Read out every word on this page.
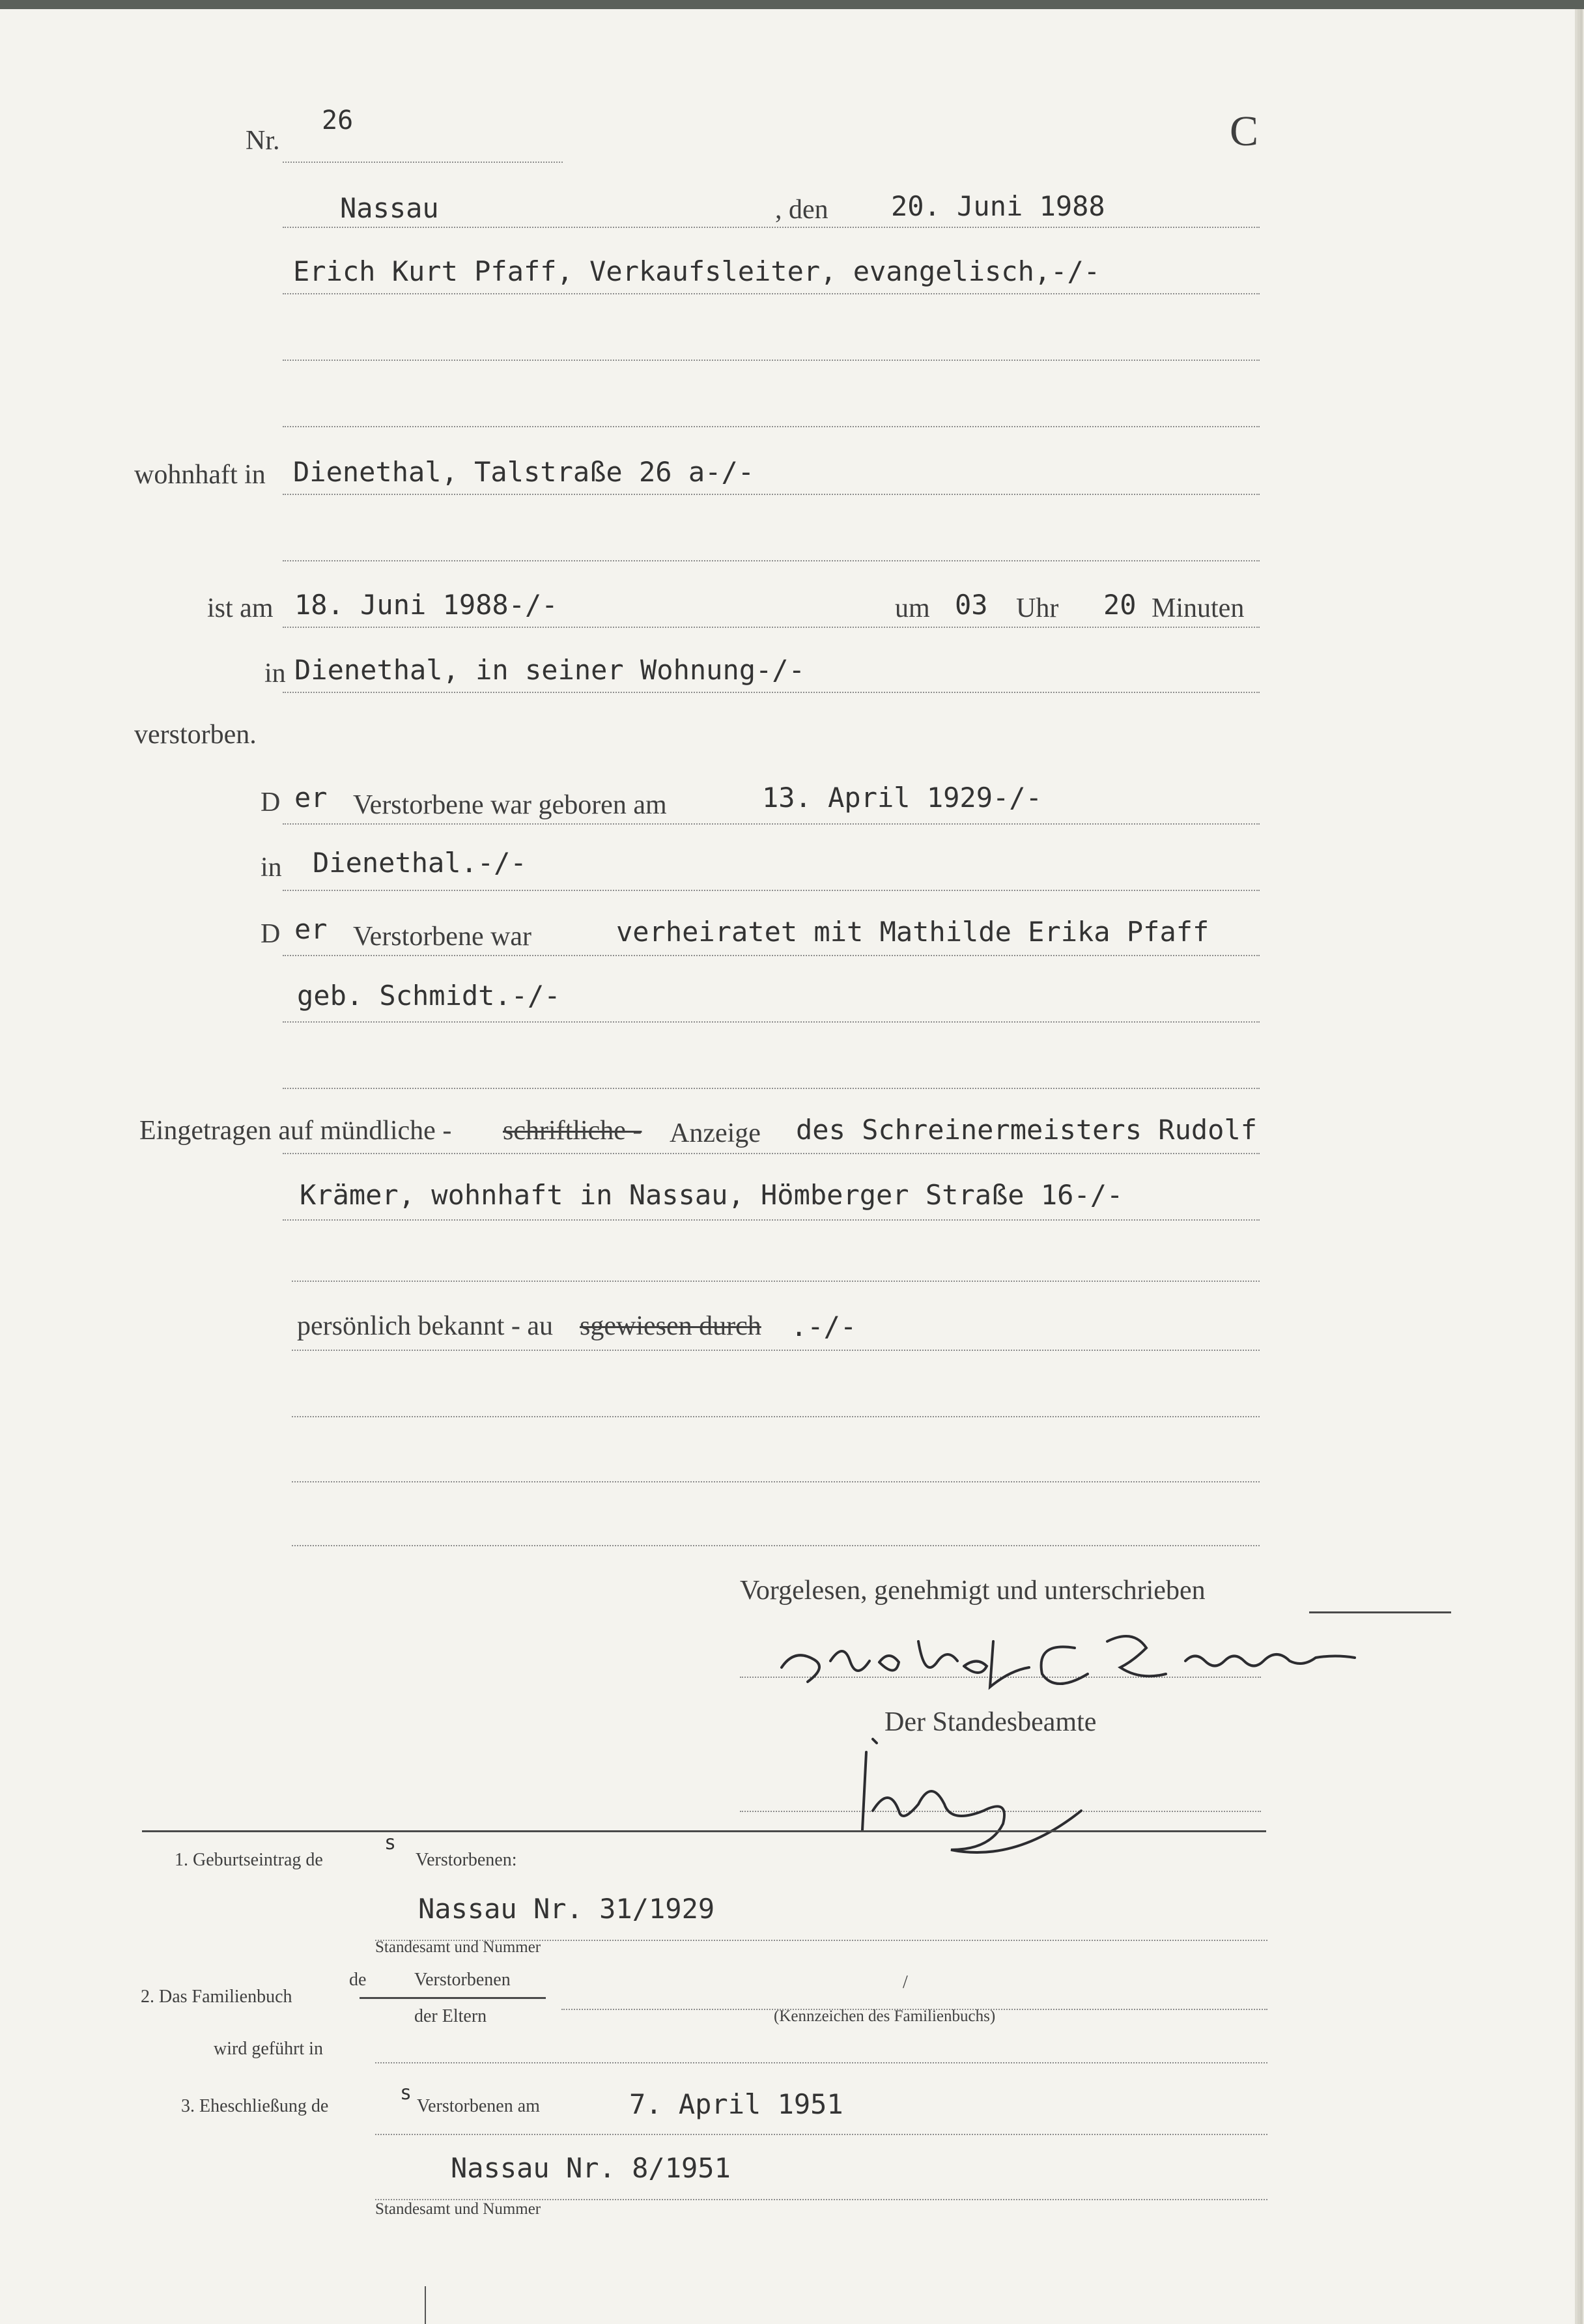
Nr.
26	C
Nassau	, den 20. Juni 1988
Erich Kurt Pfaff, Verkaufsleiter, evangelisch,-/-
wohnhaft in Dienethal, Talstraße 26 a-/-
ist am 18. Juni 1988-/-	um 03 Uhr 20 Minuten
in Dienethal, in seiner Wohnung-/-
verstorben.
D er Verstorbene war geboren am	13. April 1929-/-
in Dienethal.-/-
D er Verstorbene war	verheiratet mit Mathilde Erika Pfaff
geb. Schmidt.-/-
Eingetragen auf mündliche - schriftliche - Anzeige des Schreinermeisters Rudolf
Krämer, wohnhaft in Nassau, Hömberger Straße 16-/-
persönlich bekannt - au sgewiesen durch .-/-
Vorgelesen, genehmigt und unterschrieben
Der Standesbeamte
1. Geburtseintrag de
s
Verstorbenen:
Nassau Nr. 31/1929
Standesamt und Nummer
2. Das Familienbuch
de	Verstorbenen
der Eltern
/
(Kennzeichen des Familienbuchs)
wird geführt in
3. Eheschließung de
s
Verstorbenen am	7. April 1951
Nassau Nr. 8/1951
Standesamt und Nummer
